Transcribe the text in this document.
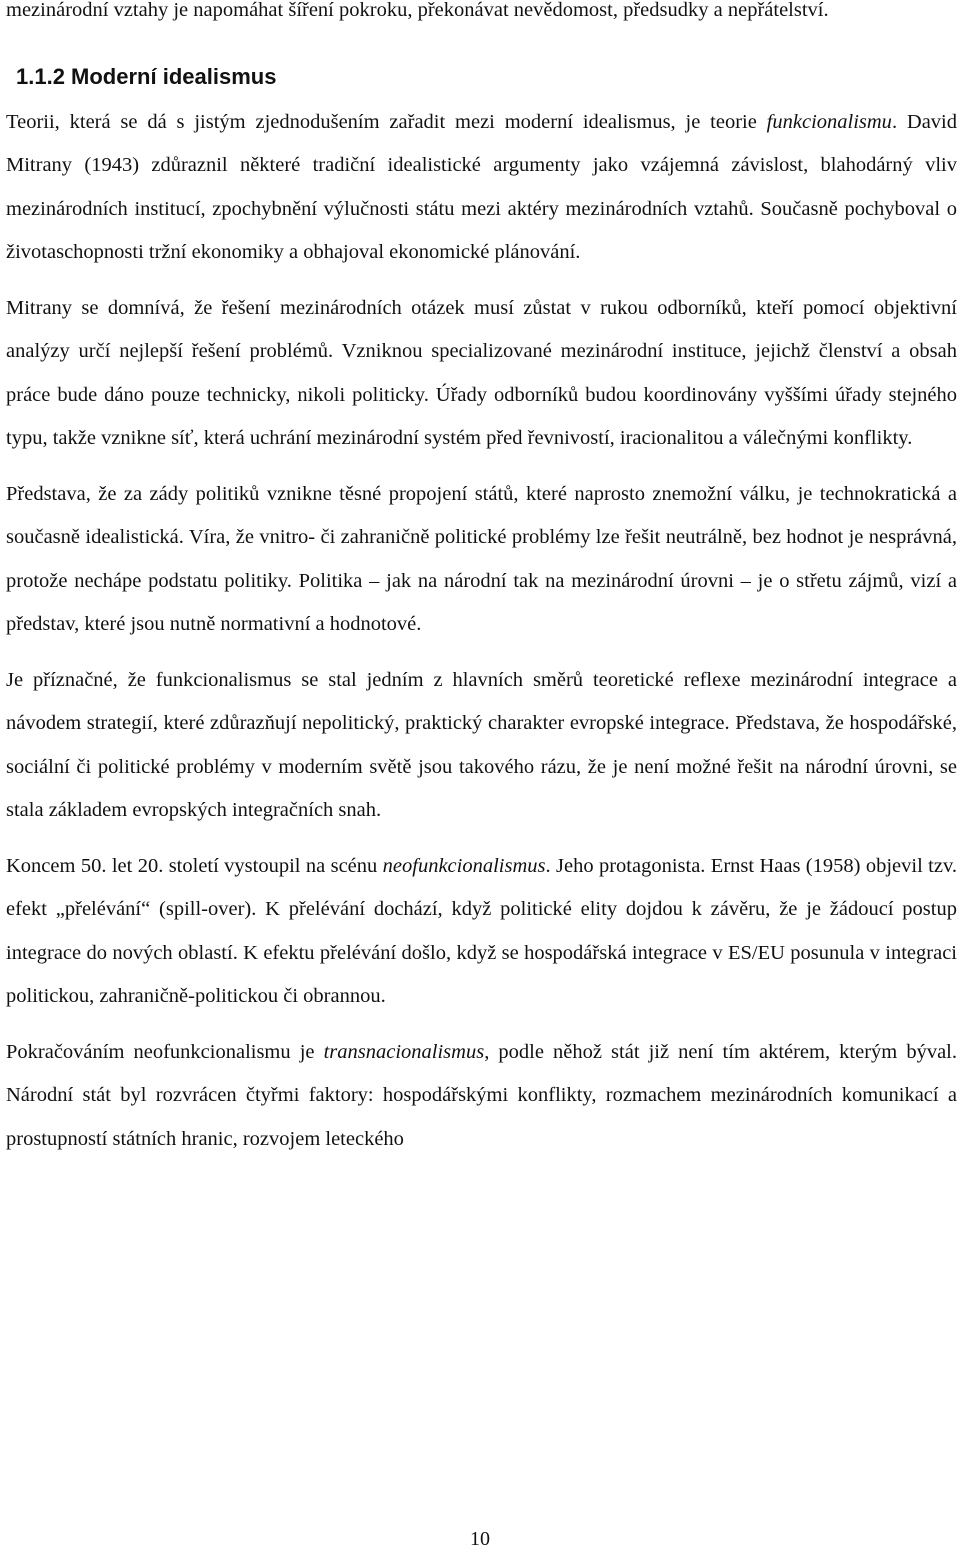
mezinárodní vztahy je napomáhat šíření pokroku, překonávat nevědomost, předsudky a nepřátelství.

1.1.2 Moderní idealismus

Teorii, která se dá s jistým zjednodušením zařadit mezi moderní idealismus, je teorie funkcionalismu. David Mitrany (1943) zdůraznil některé tradiční idealistické argumenty jako vzájemná závislost, blahodárný vliv mezinárodních institucí, zpochybnění výlučnosti státu mezi aktéry mezinárodních vztahů. Současně pochyboval o životaschopnosti tržní ekonomiky a obhajoval ekonomické plánování.

Mitrany se domnívá, že řešení mezinárodních otázek musí zůstat v rukou odborníků, kteří pomocí objektivní analýzy určí nejlepší řešení problémů. Vzniknou specializované mezinárodní instituce, jejichž členství a obsah práce bude dáno pouze technicky, nikoli politicky. Úřady odborníků budou koordinovány vyššími úřady stejného typu, takže vznikne síť, která uchrání mezinárodní systém před řevnivostí, iracionalitou a válečnými konflikty.

Představa, že za zády politiků vznikne těsné propojení států, které naprosto znemožní válku, je technokratická a současně idealistická. Víra, že vnitro- či zahraničně politické problémy lze řešit neutrálně, bez hodnot je nesprávná, protože nechápe podstatu politiky. Politika – jak na národní tak na mezinárodní úrovni – je o střetu zájmů, vizí a představ, které jsou nutně normativní a hodnotové.

Je příznačné, že funkcionalismus se stal jedním z hlavních směrů teoretické reflexe mezinárodní integrace a návodem strategií, které zdůrazňují nepolitický, praktický charakter evropské integrace. Představa, že hospodářské, sociální či politické problémy v moderním světě jsou takového rázu, že je není možné řešit na národní úrovni, se stala základem evropských integračních snah.

Koncem 50. let 20. století vystoupil na scénu neofunkcionalismus. Jeho protagonista. Ernst Haas (1958) objevil tzv. efekt „přelévání“ (spill-over). K přelévání dochází, když politické elity dojdou k závěru, že je žádoucí postup integrace do nových oblastí. K efektu přelévání došlo, když se hospodářská integrace v ES/EU posunula v integraci politickou, zahraničně-politickou či obrannou.

Pokračováním neofunkcionalismu je transnacionalismus, podle něhož stát již není tím aktérem, kterým býval. Národní stát byl rozvrácen čtyřmi faktory: hospodářskými konflikty, rozmachem mezinárodních komunikací a prostupností státních hranic, rozvojem leteckého

10
